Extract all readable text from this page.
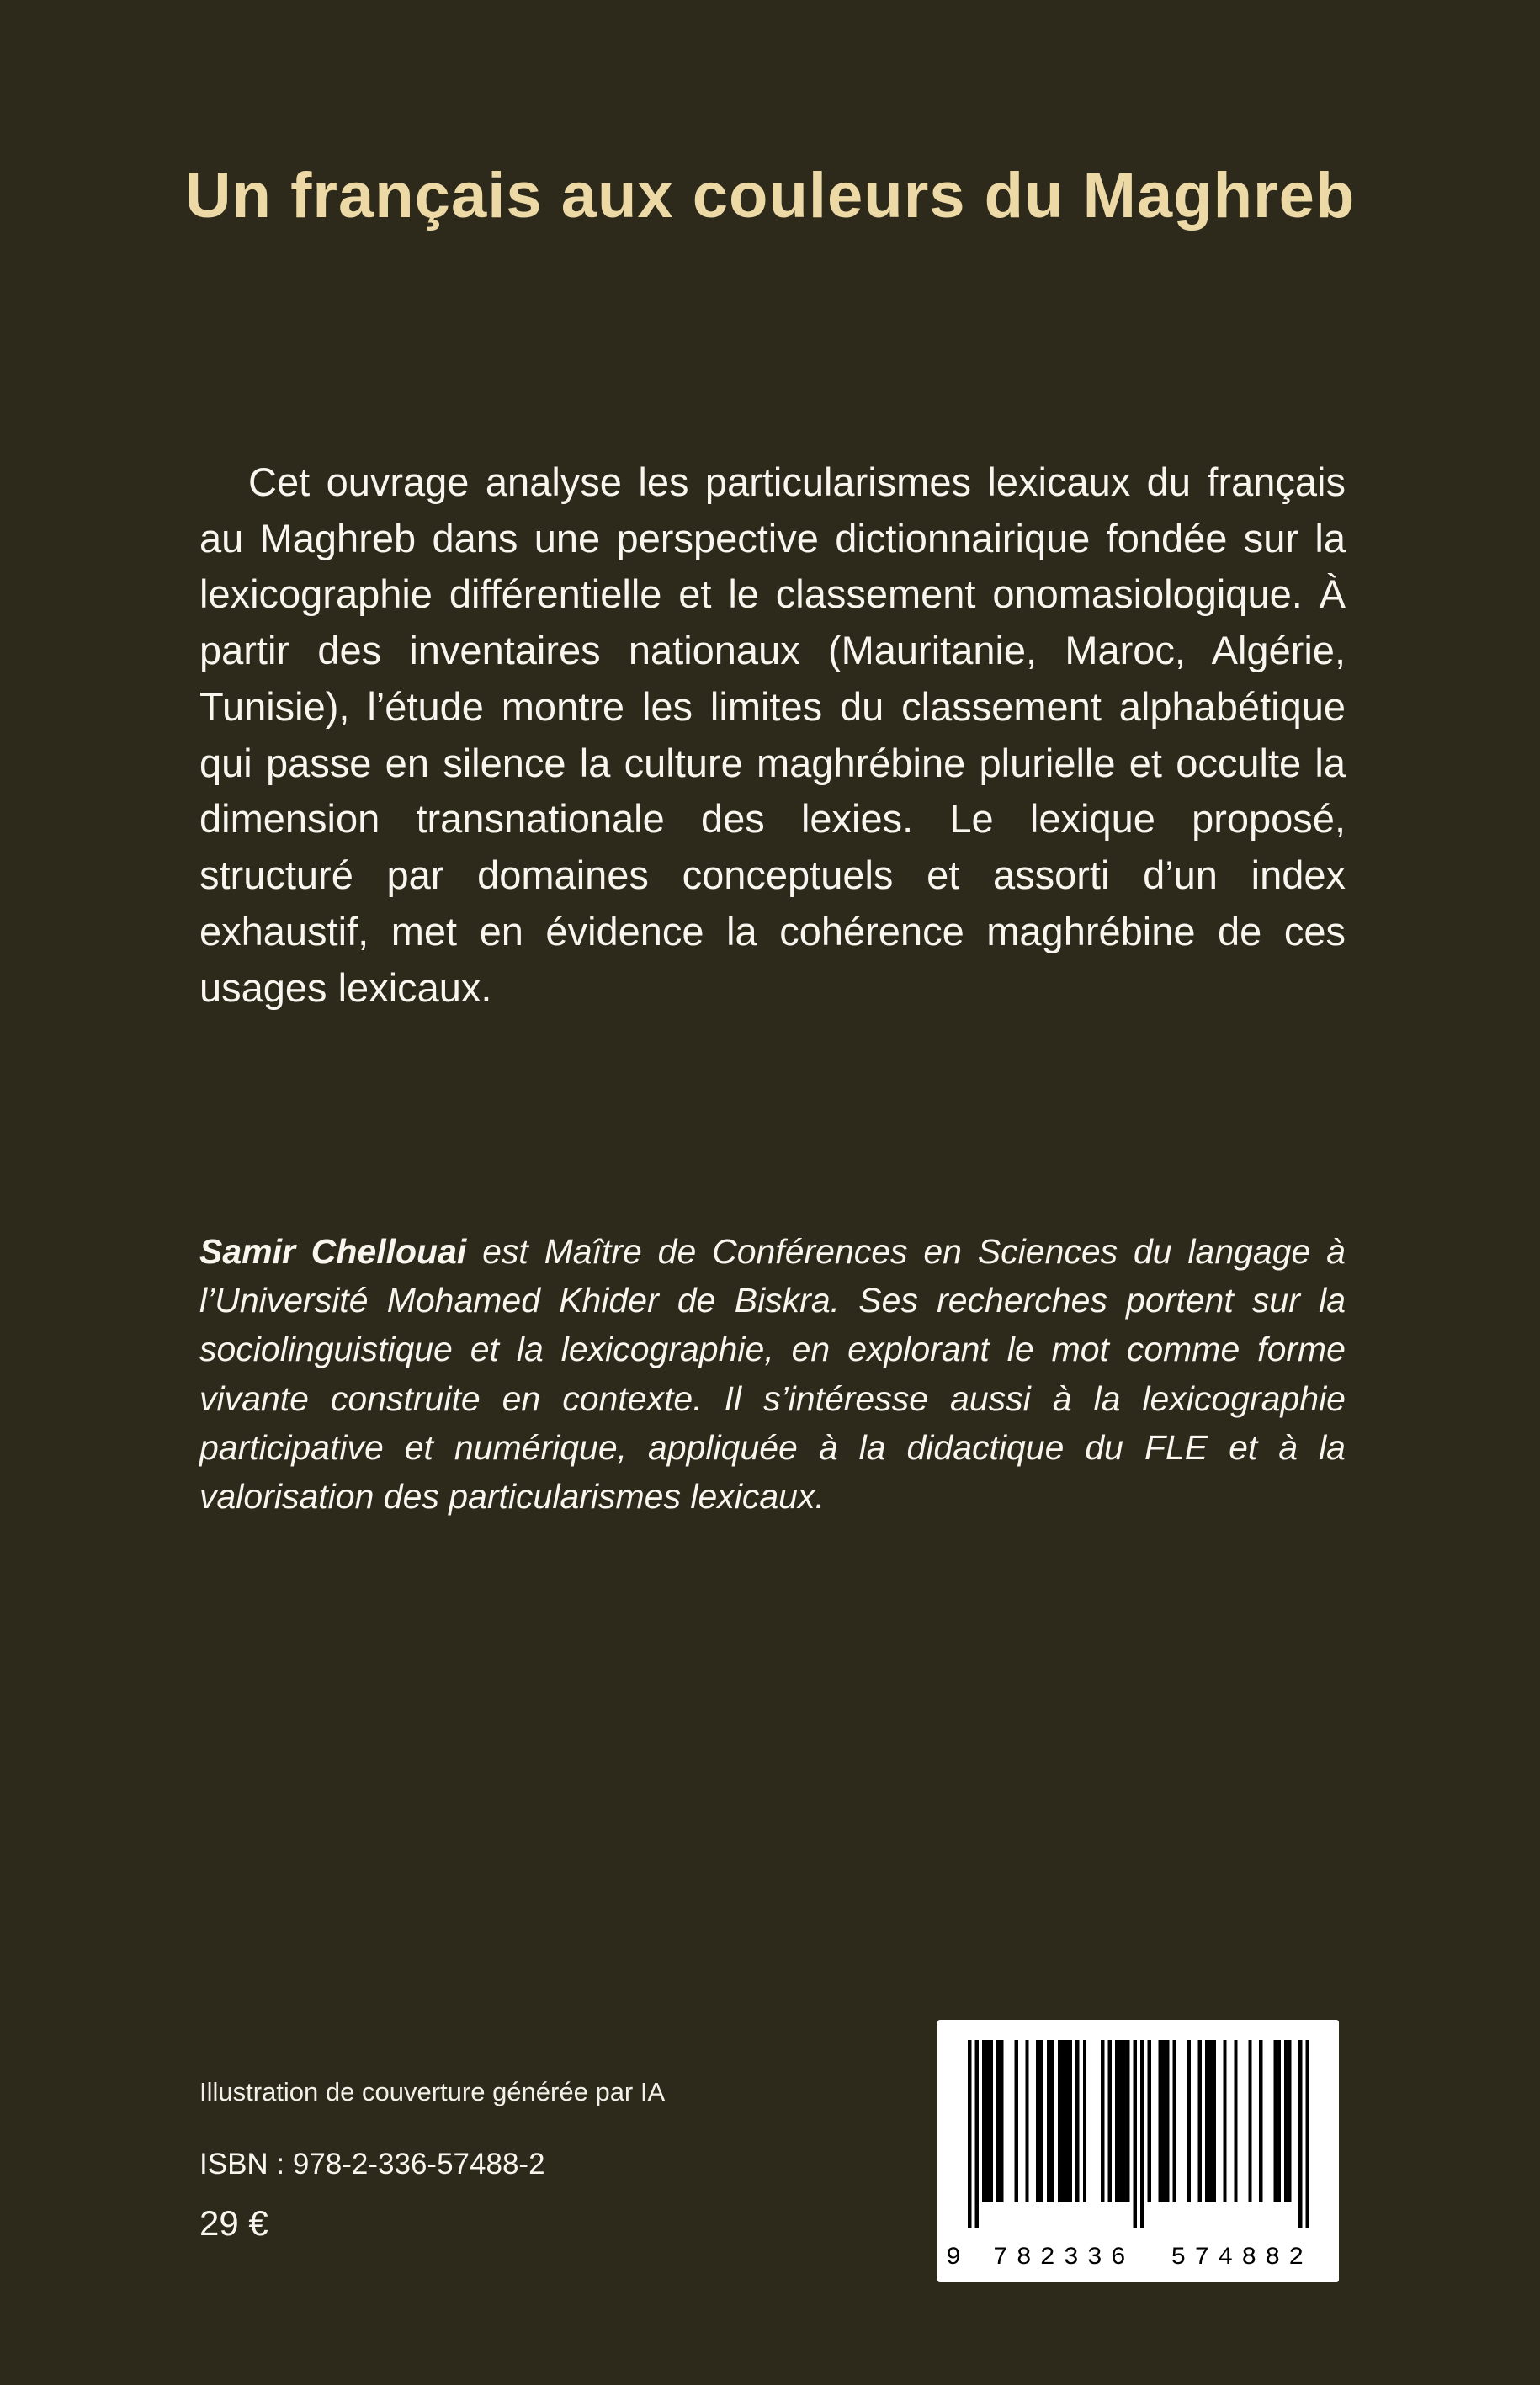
Un français aux couleurs du Maghreb

Cet ouvrage analyse les particularismes lexicaux du français au Maghreb dans une perspective dictionnairique fondée sur la lexicographie différentielle et le classement onomasiologique. À partir des inventaires nationaux (Mauritanie, Maroc, Algérie, Tunisie), l’étude montre les limites du classement alphabétique qui passe en silence la culture maghrébine plurielle et occulte la dimension transnationale des lexies. Le lexique proposé, structuré par domaines conceptuels et assorti d’un index exhaustif, met en évidence la cohérence maghrébine de ces usages lexicaux.

Samir Chellouai est Maître de Conférences en Sciences du langage à l’Université Mohamed Khider de Biskra. Ses recherches portent sur la sociolinguistique et la lexicographie, en explorant le mot comme forme vivante construite en contexte. Il s’intéresse aussi à la lexicographie participative et numérique, appliquée à la didactique du FLE et à la valorisation des particularismes lexicaux.

Illustration de couverture générée par IA
ISBN : 978-2-336-57488-2
29 €
9	782336	574882
